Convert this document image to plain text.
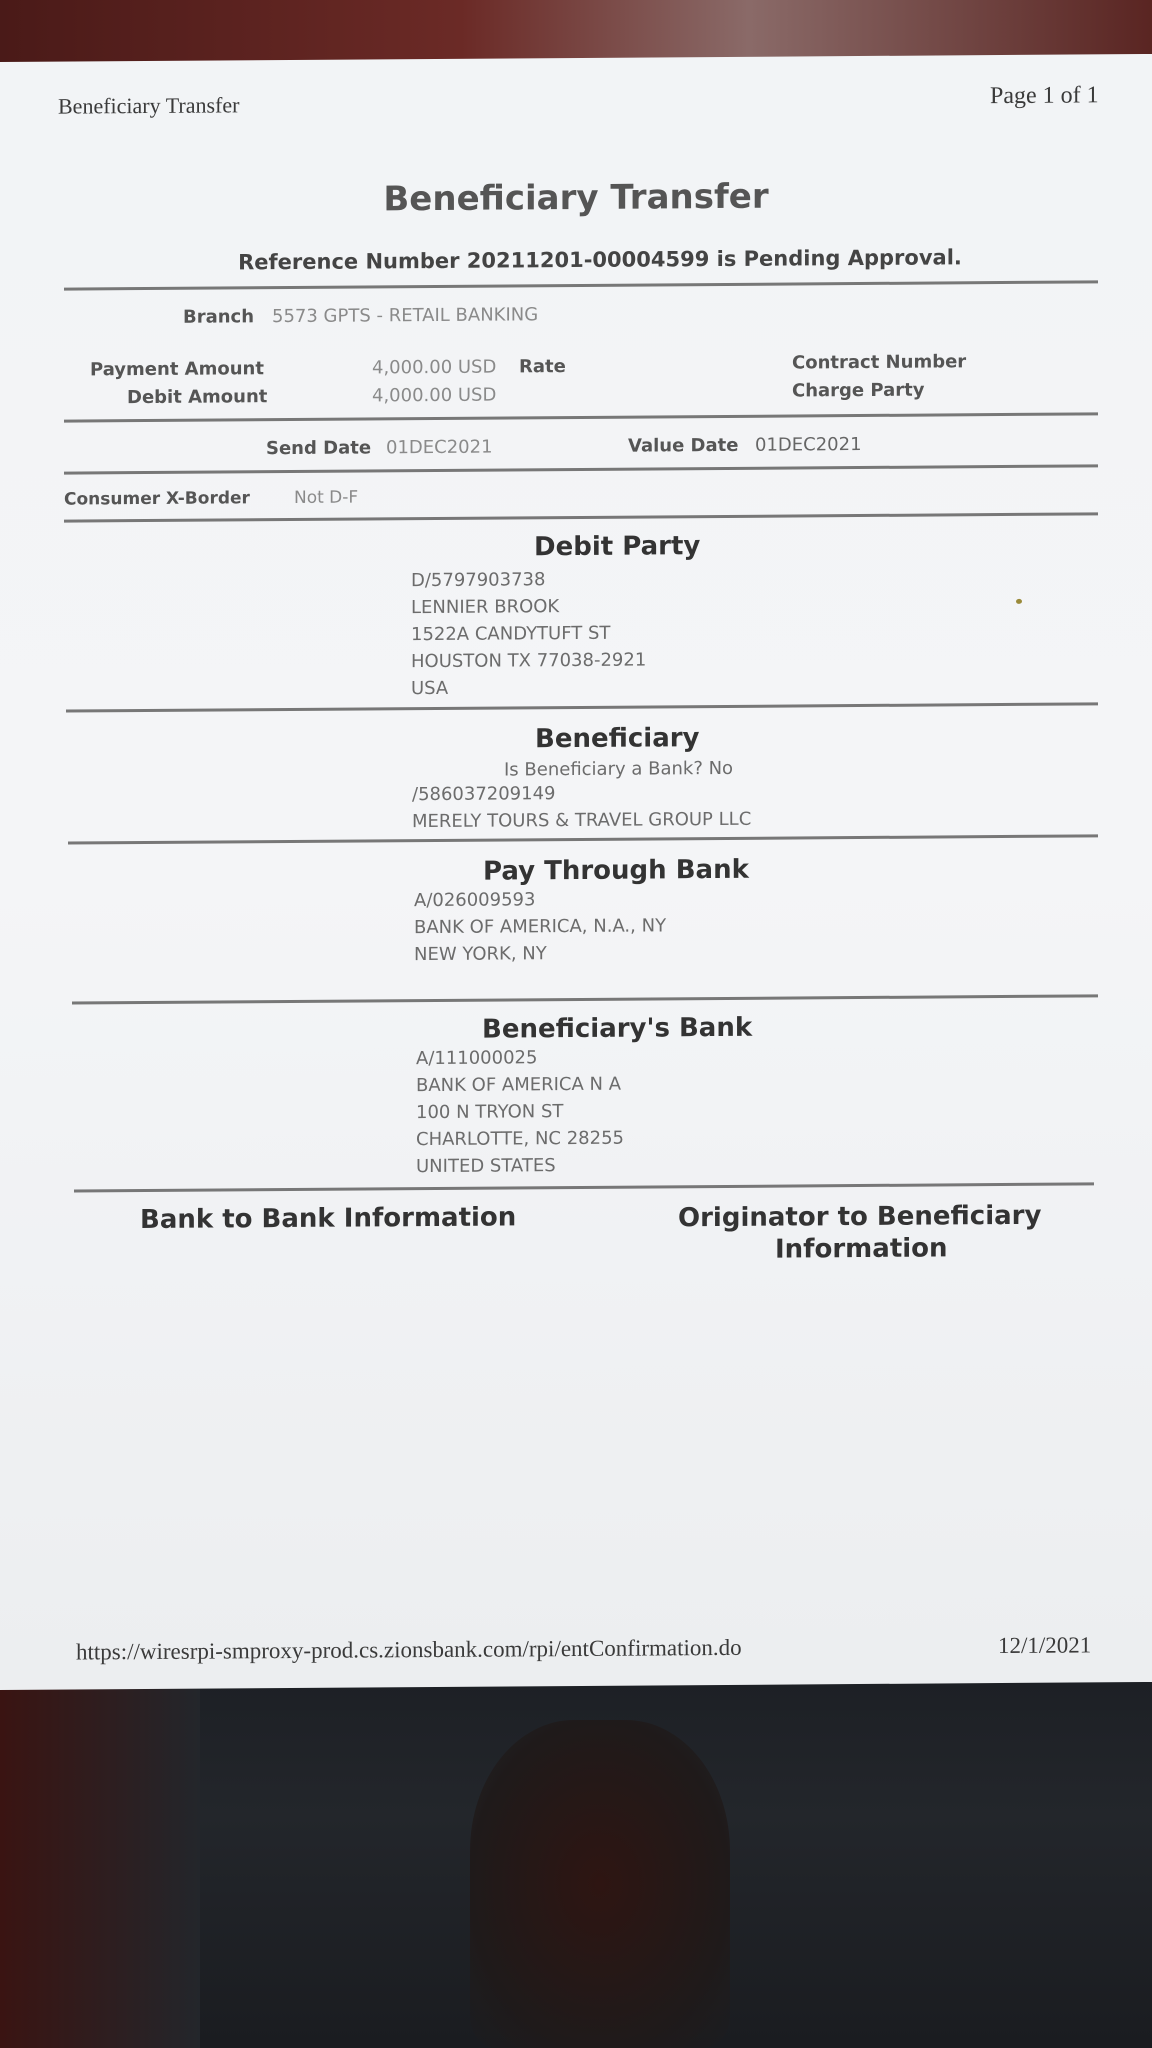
Beneficiary Transfer	Page 1 of 1
Beneficiary Transfer
Reference Number 20211201-00004599 is Pending Approval.
Branch 5573 GPTS - RETAIL BANKING
Payment Amount	4,000.00 USD Rate	Contract Number
Debit Amount	4,000.00 USD	Charge Party
Send Date 01DEC2021	Value Date 01DEC2021
Consumer X-Border	Not D-F
Debit Party
D/5797903738
LENNIER BROOK
1522A CANDYTUFT ST
HOUSTON TX 77038-2921
USA
Beneficiary
Is Beneficiary a Bank? No
/586037209149
MERELY TOURS & TRAVEL GROUP LLC
Pay Through Bank
A/026009593
BANK OF AMERICA, N.A., NY
NEW YORK, NY
Beneficiary's Bank
A/111000025
BANK OF AMERICA N A
100 N TRYON ST
CHARLOTTE, NC 28255
UNITED STATES
Bank to Bank Information	Originator to Beneficiary
Information
https://wiresrpi-smproxy-prod.cs.zionsbank.com/rpi/entConfirmation.do	12/1/2021
